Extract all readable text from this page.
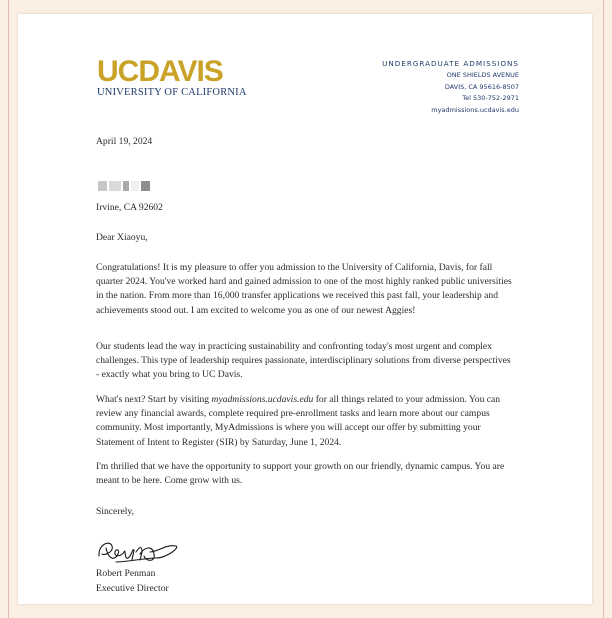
UCDAVIS
UNIVERSITY OF CALIFORNIA
UNDERGRADUATE ADMISSIONS
ONE SHIELDS AVENUE
DAVIS, CA 95616-8507
Tel 530-752-2971
myadmissions.ucdavis.edu
April 19, 2024
Irvine, CA 92602
Dear Xiaoyu,

Congratulations! It is my pleasure to offer you admission to the University of California, Davis, for fall quarter 2024. You've worked hard and gained admission to one of the most highly ranked public universities in the nation. From more than 16,000 transfer applications we received this past fall, your leadership and achievements stood out. I am excited to welcome you as one of our newest Aggies!

Our students lead the way in practicing sustainability and confronting today's most urgent and complex challenges. This type of leadership requires passionate, interdisciplinary solutions from diverse perspectives - exactly what you bring to UC Davis.

What's next? Start by visiting myadmissions.ucdavis.edu for all things related to your admission. You can review any financial awards, complete required pre-enrollment tasks and learn more about our campus community. Most importantly, MyAdmissions is where you will accept our offer by submitting your Statement of Intent to Register (SIR) by Saturday, June 1, 2024.

I'm thrilled that we have the opportunity to support your growth on our friendly, dynamic campus. You are meant to be here. Come grow with us.

Sincerely,
Robert Penman
Executive Director
